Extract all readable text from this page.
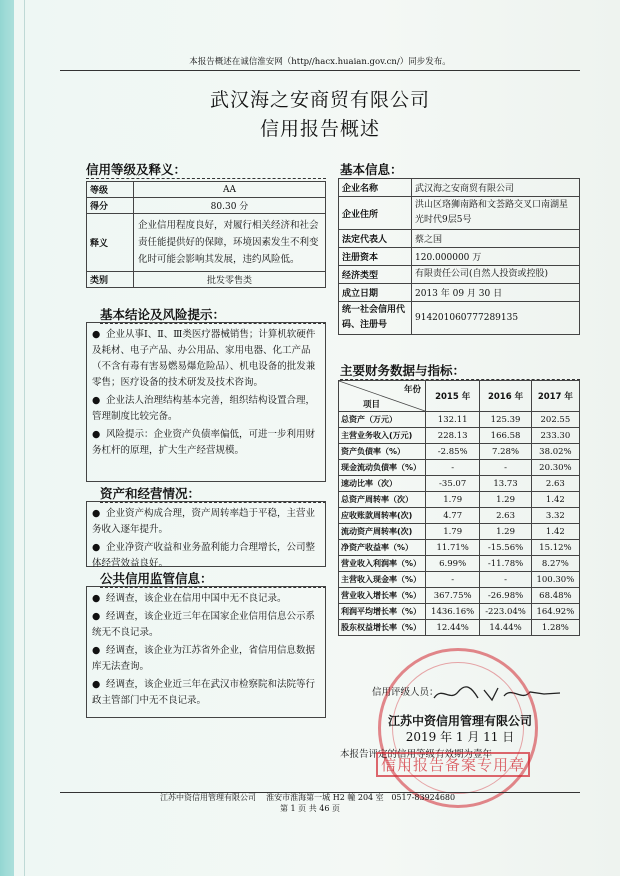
本报告概述在诚信淮安网（http//hacx.huaian.gov.cn/）同步发布。
武汉海之安商贸有限公司
信用报告概述
信用等级及释义：
等级	AA
得分	80.30 分
释义	企业信用程度良好，对履行相关经济和社会责任能提供好的保障，环境因素发生不利变化时可能会影响其发展，违约风险低。
类别	批发零售类
基本结论及风险提示：

● 企业从事Ⅰ、Ⅱ、Ⅲ类医疗器械销售；计算机软硬件及耗材、电子产品、办公用品、家用电器、化工产品（不含有毒有害易燃易爆危险品）、机电设备的批发兼零售；医疗设备的技术研发及技术咨询。

● 企业法人治理结构基本完善，组织结构设置合理，管理制度比较完备。

● 风险提示：企业资产负债率偏低，可进一步利用财务杠杆的原理，扩大生产经营规模。

资产和经营情况：

● 企业资产构成合理，资产周转率趋于平稳，主营业务收入逐年提升。

● 企业净资产收益和业务盈利能力合理增长，公司整体经营效益良好。

公共信用监管信息：

● 经调查，该企业在信用中国中无不良记录。

● 经调查，该企业近三年在国家企业信用信息公示系统无不良记录。

● 经调查，该企业为江苏省外企业，省信用信息数据库无法查询。

● 经调查，该企业近三年在武汉市检察院和法院等行政主管部门中无不良记录。

基本信息：
企业名称	武汉海之安商贸有限公司
企业住所	洪山区珞狮南路和文荟路交叉口南湖星光时代9层5号
法定代表人	蔡之国
注册资本	120.000000 万
经济类型	有限责任公司(自然人投资或控股)
成立日期	2013 年 09 月 30 日
统一社会信用代码、注册号	914201060777289135
主要财务数据与指标：
年份
项目	2015 年	2016 年	2017 年
总资产（万元）	132.11	125.39	202.55
主营业务收入(万元)	228.13	166.58	233.30
资产负债率（%）	-2.85%	7.28%	38.02%
现金流动负债率（%）	-	-	20.30%
速动比率（次）	-35.07	13.73	2.63
总资产周转率（次）	1.79	1.29	1.42
应收账款周转率(次)	4.77	2.63	3.32
流动资产周转率(次)	1.79	1.29	1.42
净资产收益率（%）	11.71%	-15.56%	15.12%
营业收入利润率（%）	6.99%	-11.78%	8.27%
主营收入现金率（%）	-	-	100.30%
营业收入增长率（%）	367.75%	-26.98%	68.48%
利润平均增长率（%）	1436.16%	-223.04%	164.92%
股东权益增长率（%）	12.44%	14.44%	1.28%
信用评级人员：
江苏中资信用管理有限公司
2019 年 1 月 11 日
本报告评定的信用等级有效期为壹年
信用报告备案专用章
江苏中资信用管理有限公司 淮安市淮海第一城 H2 幢 204 室 0517-83924680
第 1 页 共 46 页
